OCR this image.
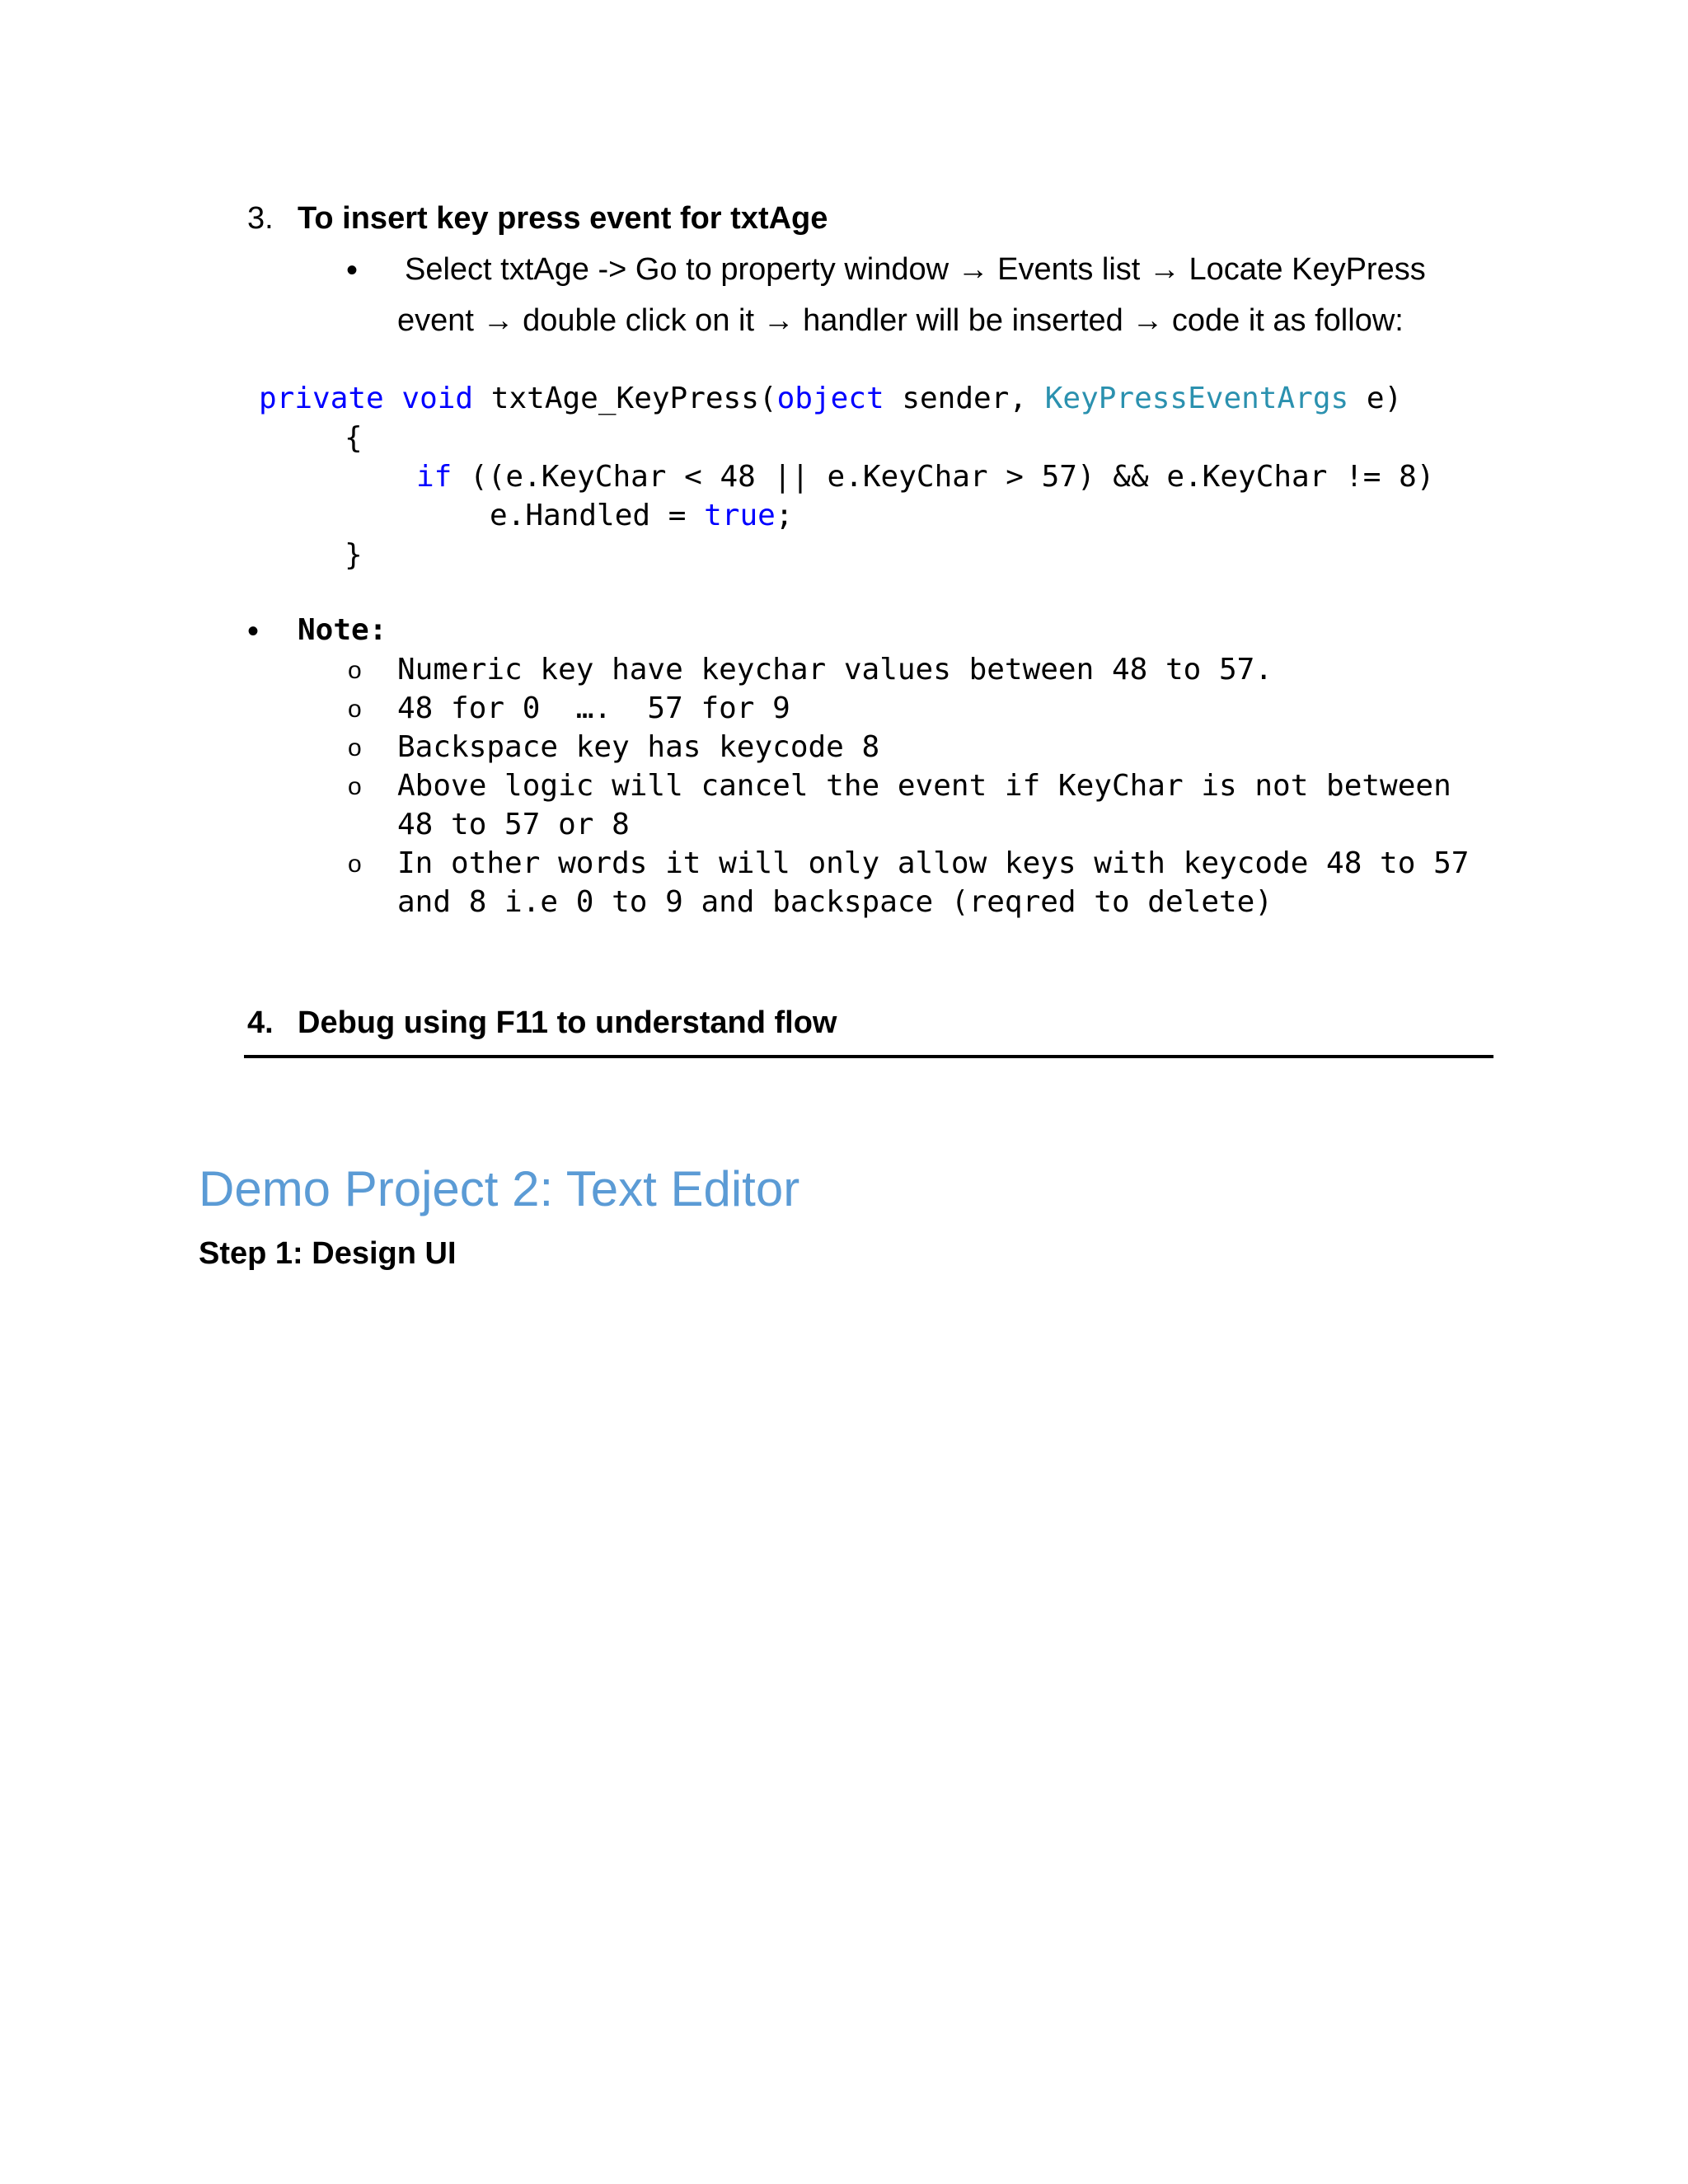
3. To insert key press event for txtAge
• Select txtAge -> Go to property window → Events list → Locate KeyPress
event → double click on it → handler will be inserted → code it as follow:
private void txtAge_KeyPress(object sender, KeyPressEventArgs e)
{
if ((e.KeyChar < 48 || e.KeyChar > 57) && e.KeyChar != 8)
e.Handled = true;
}
• Note:
o Numeric key have keychar values between 48 to 57.
o 48 for 0  ….  57 for 9
o Backspace key has keycode 8
o Above logic will cancel the event if KeyChar is not between
48 to 57 or 8
o In other words it will only allow keys with keycode 48 to 57
and 8 i.e 0 to 9 and backspace (reqred to delete)
4. Debug using F11 to understand flow
Demo Project 2: Text Editor
Step 1: Design UI
